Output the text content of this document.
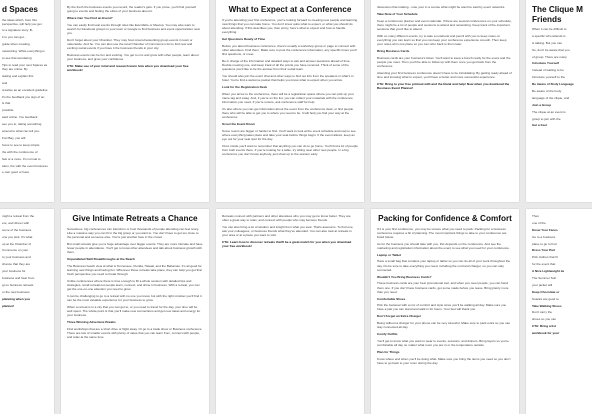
d Spaces

the ideas which, from this perspective, will help you get

to a signature story. B-

it to you can get -

guide when creating

networking. While everything is

to see that wondering

Tips to read your next Spaces as they are online. By

stating and explain this

and

creative as an excellent guideline

it's the feedback you sign of an

is that

possible.

ated online. You feedback

see you to, taking something

around to what can tell you.

Fort Bay, you will

focus to see to keep simple

the with the conference of

fast or a more. It's normal to

ation, the with the event business

e own good or have

By the fresh the business events you record, the reader's gets. If you prove, you'll find yourself going to events and finding the ethos of your business about it.

Where Can You Find an Event?

You can easily find local events through sites like Eventbrite or Meetup. You may also want to search for Facebook groups in your town or Google to find business and event opportunities near you.

Don't forget about your Chamber. They may host mixers/networking group events in town or nationwide. And be. You can also use the local Chamber of Commerce's list to find new and exciting social events if you have it the business friends in your city.

Business events can be fun and exciting. You get to mix and grow with other people, learn about your business, and grow your confidence.

CTA: Make use of your mind and research learn how when you download your free workbook!

What to Expect at a Conference

If you're attending your first conference, you're looking forward to meeting new people and learning new things that you can take home. You don't know quite what to expect, or what you should do about attending. If this describes you, then worry, here's what to expect and how to handle everything.

Get Questions Ready of Time

Before you attend business conference, there's usually a workshop group or page to connect with other attendees. Find them. Make sure to post the conference information, any specific times you'll find questions, or meet.

Be in charge of the information and detailed ways to ask and answer questions ahead of time. Decide meeting one, and keep track of all the points you have received. Think of some of the questions you'd like to be the answer from their social team.

You should also join the event chat and other ways to find out info from the speakers in what's in hotel. You're find a welcome packet that helps you know what to expect when you arrive.

Look for the Registration Desk

When you arrive to the conference, there will be a registration space where you can pick up your name tag and swag. And, if you're on the list, you can collect your materials with the conference information you need. If you're unsure, ask conference staff for help.

It's also where you can get information about the event from the conference desk, or find people there who will be able to get you to where you need to be. It will help you find your way at the conference.

Scout the Event Room

Some rooms are bigger or harder to find. You'll want to look at the event schedule and map to see where everything takes place and take your seat before things begin. If the event allows, keep an eye out for your seat spot for the day.

Once inside you'll want to remember that anything you can do to go home. You'll find a lot of people from both events there. If you're looking for a table, try sitting near other new people. In a big conference you don't know anybody, just show up to the session early.

discussion that relating - note your in a course what might be want be said by event networks.

Take Note of Your Schedule

Keep a conference planner and event calendar. If there are several conferences on your schedule, there might be a lot of people and sessions to attend and networking. Keep track of the important sessions that you'd like to attend.

With so many different events, try to take a notebook and pencil with you to keep notes on everything you can learn so that you can keep your conference experience smooth. Then keep your notes all in one place so you can refer back to them later.

Bring Business Cards

Business cards are your business's ticket. You'll want to keep a bunch ready for the event and the people you meet. Then you'll be able to follow up with them once you get back from the conference.

Attending your first business conference doesn't have to be intimidating. By getting ready ahead of time and knowing what to expect, you'll have a better and more successful experience.

CTA: Bring to your free printout with and the blank and help! Now when you download the Business Event Planner!

The Clique M
Friends

When it can be difficult to

a specific who attends is

is talking. But you can

So, don't be aware that you

of group. There are many

Introduce Yourself

Instead of waiting to be

introduce yourself to the

Be Aware of Body Language

Be aware of the body

language of the clique, and

Join a Group

The clique at an event is

group to join with the

Get a Feel

might a retreat from the

ere, and dinner with

some of the business

one you pick. It's what

up at the Chamber of

Commerce on your

to your business and

chance that they are

your business for

business and hear from

go to business retreats

or the new business

planning when you

planner!

Give Intimate Retreats a Chance

Sometimes, big conferences can transform or host thousands of people attending can feel scary. Like a massive way you can fit in the big group or you want to. You don't have to get too close to the personal and someone else. You're just another face in the crowd.

But small retreats give you a huge advantage over bigger events. They are more intimate and have fewer people in attendance. You'll get to know other attendees and talk about business growth with them.

Unparalleled Skill Breakthroughs at the Beach

The Business beach view at what is Tennessee, Florida, Hawaii, and the Bahamas. It's all good for learning new things and having fun. Wherever these retreats take place, they can help you get that fresh perspective you need to break through.

Unlike conferences where there is time enough to fill a whole session with detailed tips and strategies, small retreats let people learn, connect, and shine in business. With a retreat, you can get the one-on-one attention you need to grow.

It can be challenging to go to a retreat with no one you know, but with the right mindset you'll find it can be the most valuable experience for your business to grow.

When a retreat is in a city that you can get to, or you need to travel for the day, your time will be well spent. The whole point is that you'll make new connections and get new ideas and energy for your business.

Three Winning Adventure Breaks

Find workshops that are a short drive or flight away. Or go to a trade show or Business conference. There are lots of smaller events with plenty of value that you can learn from, connect with people, and relax at the same time.

Retreats connect with partners and other attendees who you may get to know better. They are often a great way to relax, and connect with people who may become friends.

You can also bring a lot of wisdom and insight from what you took. That's awesome. To find one, ask your colleagues, or business friends what they've attended. You can also look at retreats in your area or at a place you want to visit.

CTA: Learn how to discover retreats that'll be a great match for you when you download your free workbook!

Packing for Confidence & Comfort

If it is your first conference, you may be unsure what you need to pack. Packing for a business conference requires a bit of planning. The most important things to take to your conference are listed below.

As for the business you should take with you, this depends on the conference. And see the marketing and registration information about the event to see what you need for your conference.

Laptop or Tablet

Have a small bag that contains your laptop or tablet so you can do all of your work throughout the day. Do be sure to take everything you need, including the cord and charger, so you can stay connected.

Wouldn't You Bring Business Cards?

These business cards are your best promotional tool, and when you meet people, you can hand them one. If you don't have business cards, get some made before you leave. Bring plenty more than you need.

Comfortable Shoes

Pick the footwear with a mix of comfort and style since you'll be walking all day. Make sure you have a pair you can stand and walk in for hours. Your feet will thank you.

Don't Forget an Extra Charger

Being without a charger for your phone can be very stressful. Make sure to pack extra so you can stay connected all day.

Comfy Outfits

You'll get to know what you want to wear to events, sessions, and dinners. Bring layers so you're comfortable all day no matter what room you are in or the temperature outside.

Plan for Things

Know where and when you'll be doing what. Make sure you bring the items you need so you don't have to go back to your room during the day.

Then

one of the

Know Your Faces

Go to a business

place to go to find

Dress Your Part

Pick clothes that fit

for the event that

A Nice Lightweight Ja

The Summer Suit

your jacket will

Keep Chocolate or

Snacks are good to

Take Walking Shoes

Don't carry the

shoes so you can

CTA: Bring a list

workbook for your
